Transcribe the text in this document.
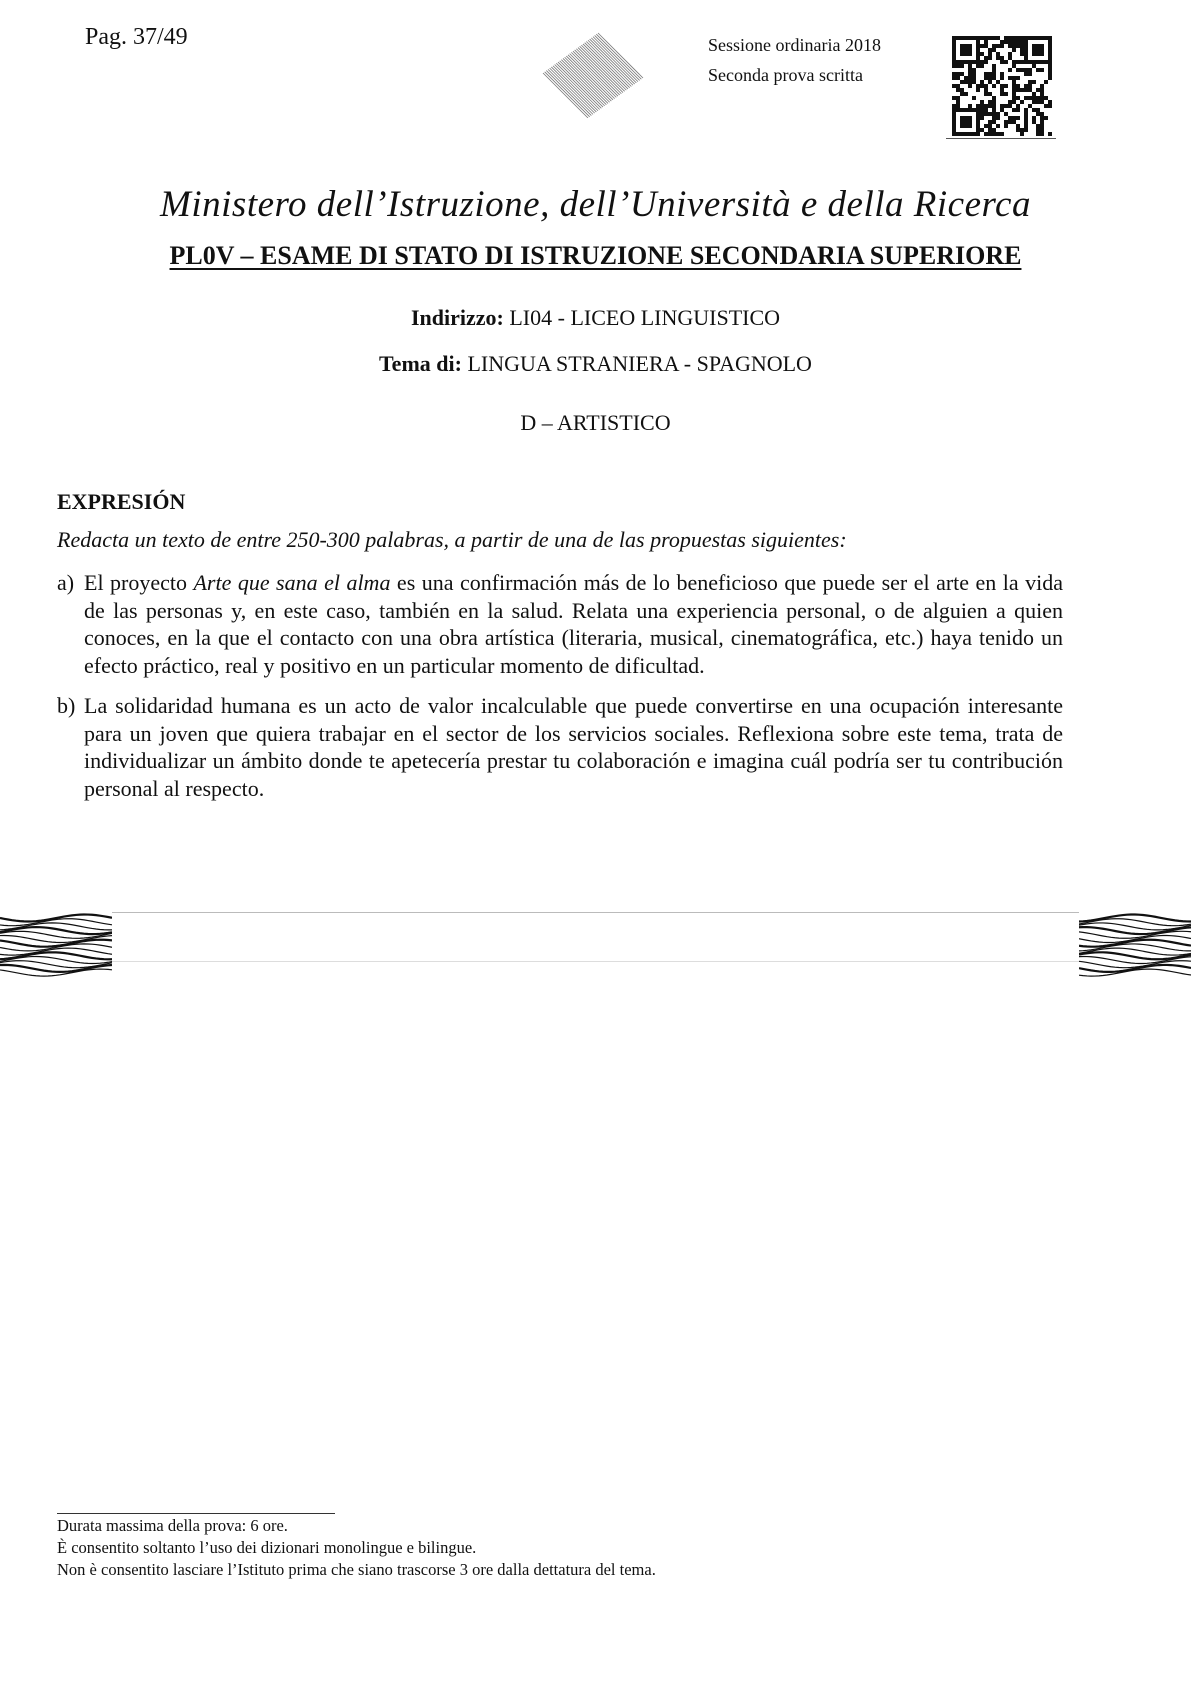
Pag. 37/49	Sessione ordinaria 2018
Seconda prova scritta
Ministero dell’Istruzione, dell’Università e della Ricerca
PL0V – ESAME DI STATO DI ISTRUZIONE SECONDARIA SUPERIORE
Indirizzo: LI04 - LICEO LINGUISTICO
Tema di: LINGUA STRANIERA - SPAGNOLO
D – ARTISTICO
EXPRESIÓN
Redacta un texto de entre 250-300 palabras, a partir de una de las propuestas siguientes:
a) El proyecto Arte que sana el alma es una confirmación más de lo beneficioso que puede ser el arte en la vida de las personas y, en este caso, también en la salud. Relata una experiencia personal, o de alguien a quien conoces, en la que el contacto con una obra artística (literaria, musical, cinematográfica, etc.) haya tenido un efecto práctico, real y positivo en un particular momento de dificultad.
b) La solidaridad humana es un acto de valor incalculable que puede convertirse en una ocupación interesante para un joven que quiera trabajar en el sector de los servicios sociales. Reflexiona sobre este tema, trata de individualizar un ámbito donde te apetecería prestar tu colaboración e imagina cuál podría ser tu contribución personal al respecto.
Durata massima della prova: 6 ore.
È consentito soltanto l’uso dei dizionari monolingue e bilingue.
Non è consentito lasciare l’Istituto prima che siano trascorse 3 ore dalla dettatura del tema.
